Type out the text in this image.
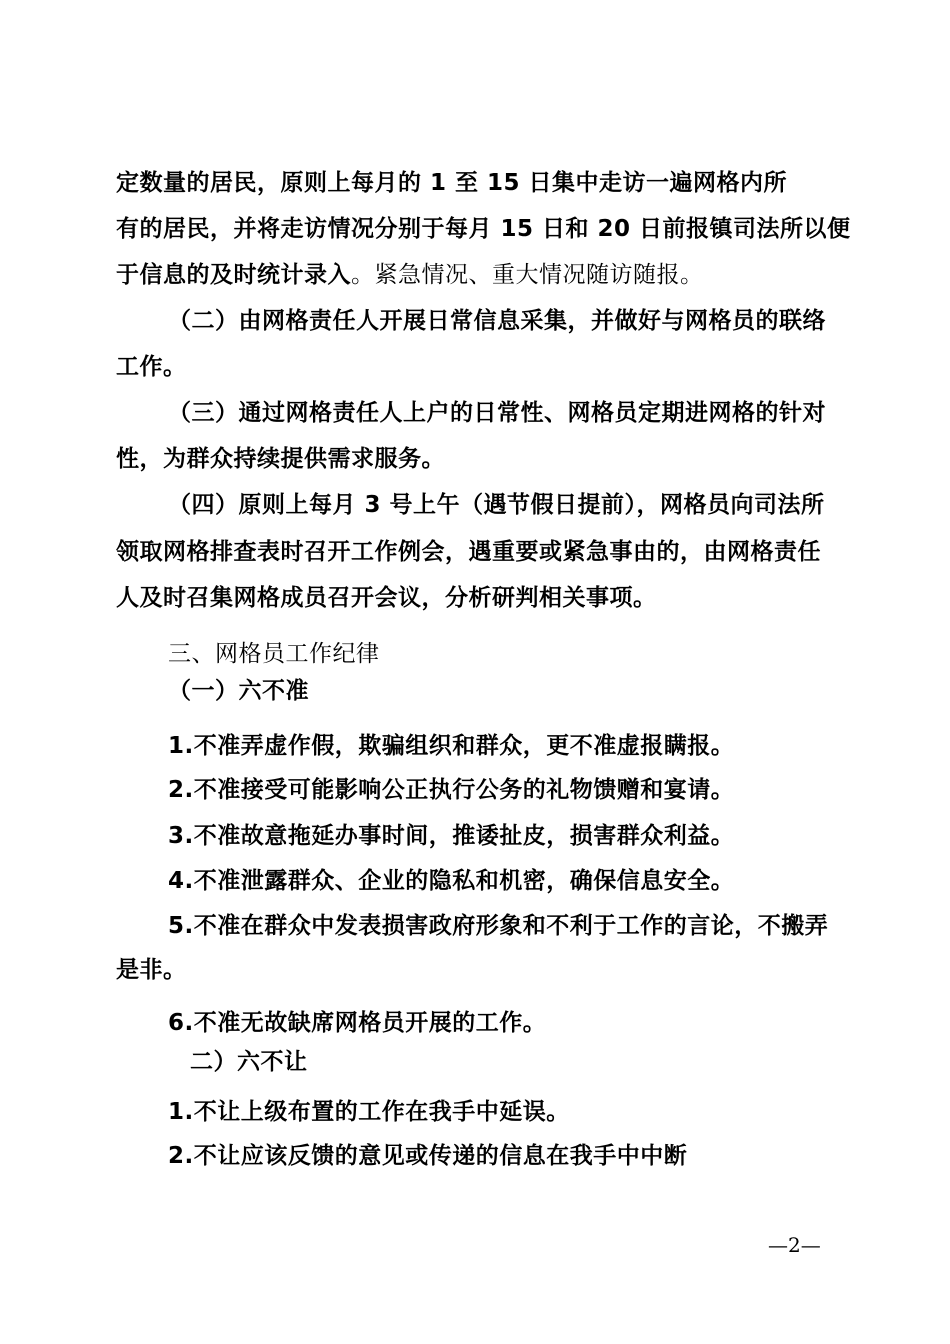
定数量的居民，原则上每月的 1 至 15 日集中走访一遍网格内所
有的居民，并将走访情况分别于每月 15 日和 20 日前报镇司法所以便
于信息的及时统计录入。紧急情况、重大情况随访随报。
（二）由网格责任人开展日常信息采集，并做好与网格员的联络
工作。
（三）通过网格责任人上户的日常性、网格员定期进网格的针对
性，为群众持续提供需求服务。
（四）原则上每月 3 号上午（遇节假日提前），网格员向司法所
领取网格排查表时召开工作例会，遇重要或紧急事由的，由网格责任
人及时召集网格成员召开会议，分析研判相关事项。
三、网格员工作纪律
（一）六不准
1.不准弄虚作假，欺骗组织和群众，更不准虚报瞒报。
2.不准接受可能影响公正执行公务的礼物馈赠和宴请。
3.不准故意拖延办事时间，推诿扯皮，损害群众利益。
4.不准泄露群众、企业的隐私和机密，确保信息安全。
5.不准在群众中发表损害政府形象和不利于工作的言论，不搬弄
是非。
6.不准无故缺席网格员开展的工作。
二）六不让
1.不让上级布置的工作在我手中延误。
2.不让应该反馈的意见或传递的信息在我手中中断
—2—
